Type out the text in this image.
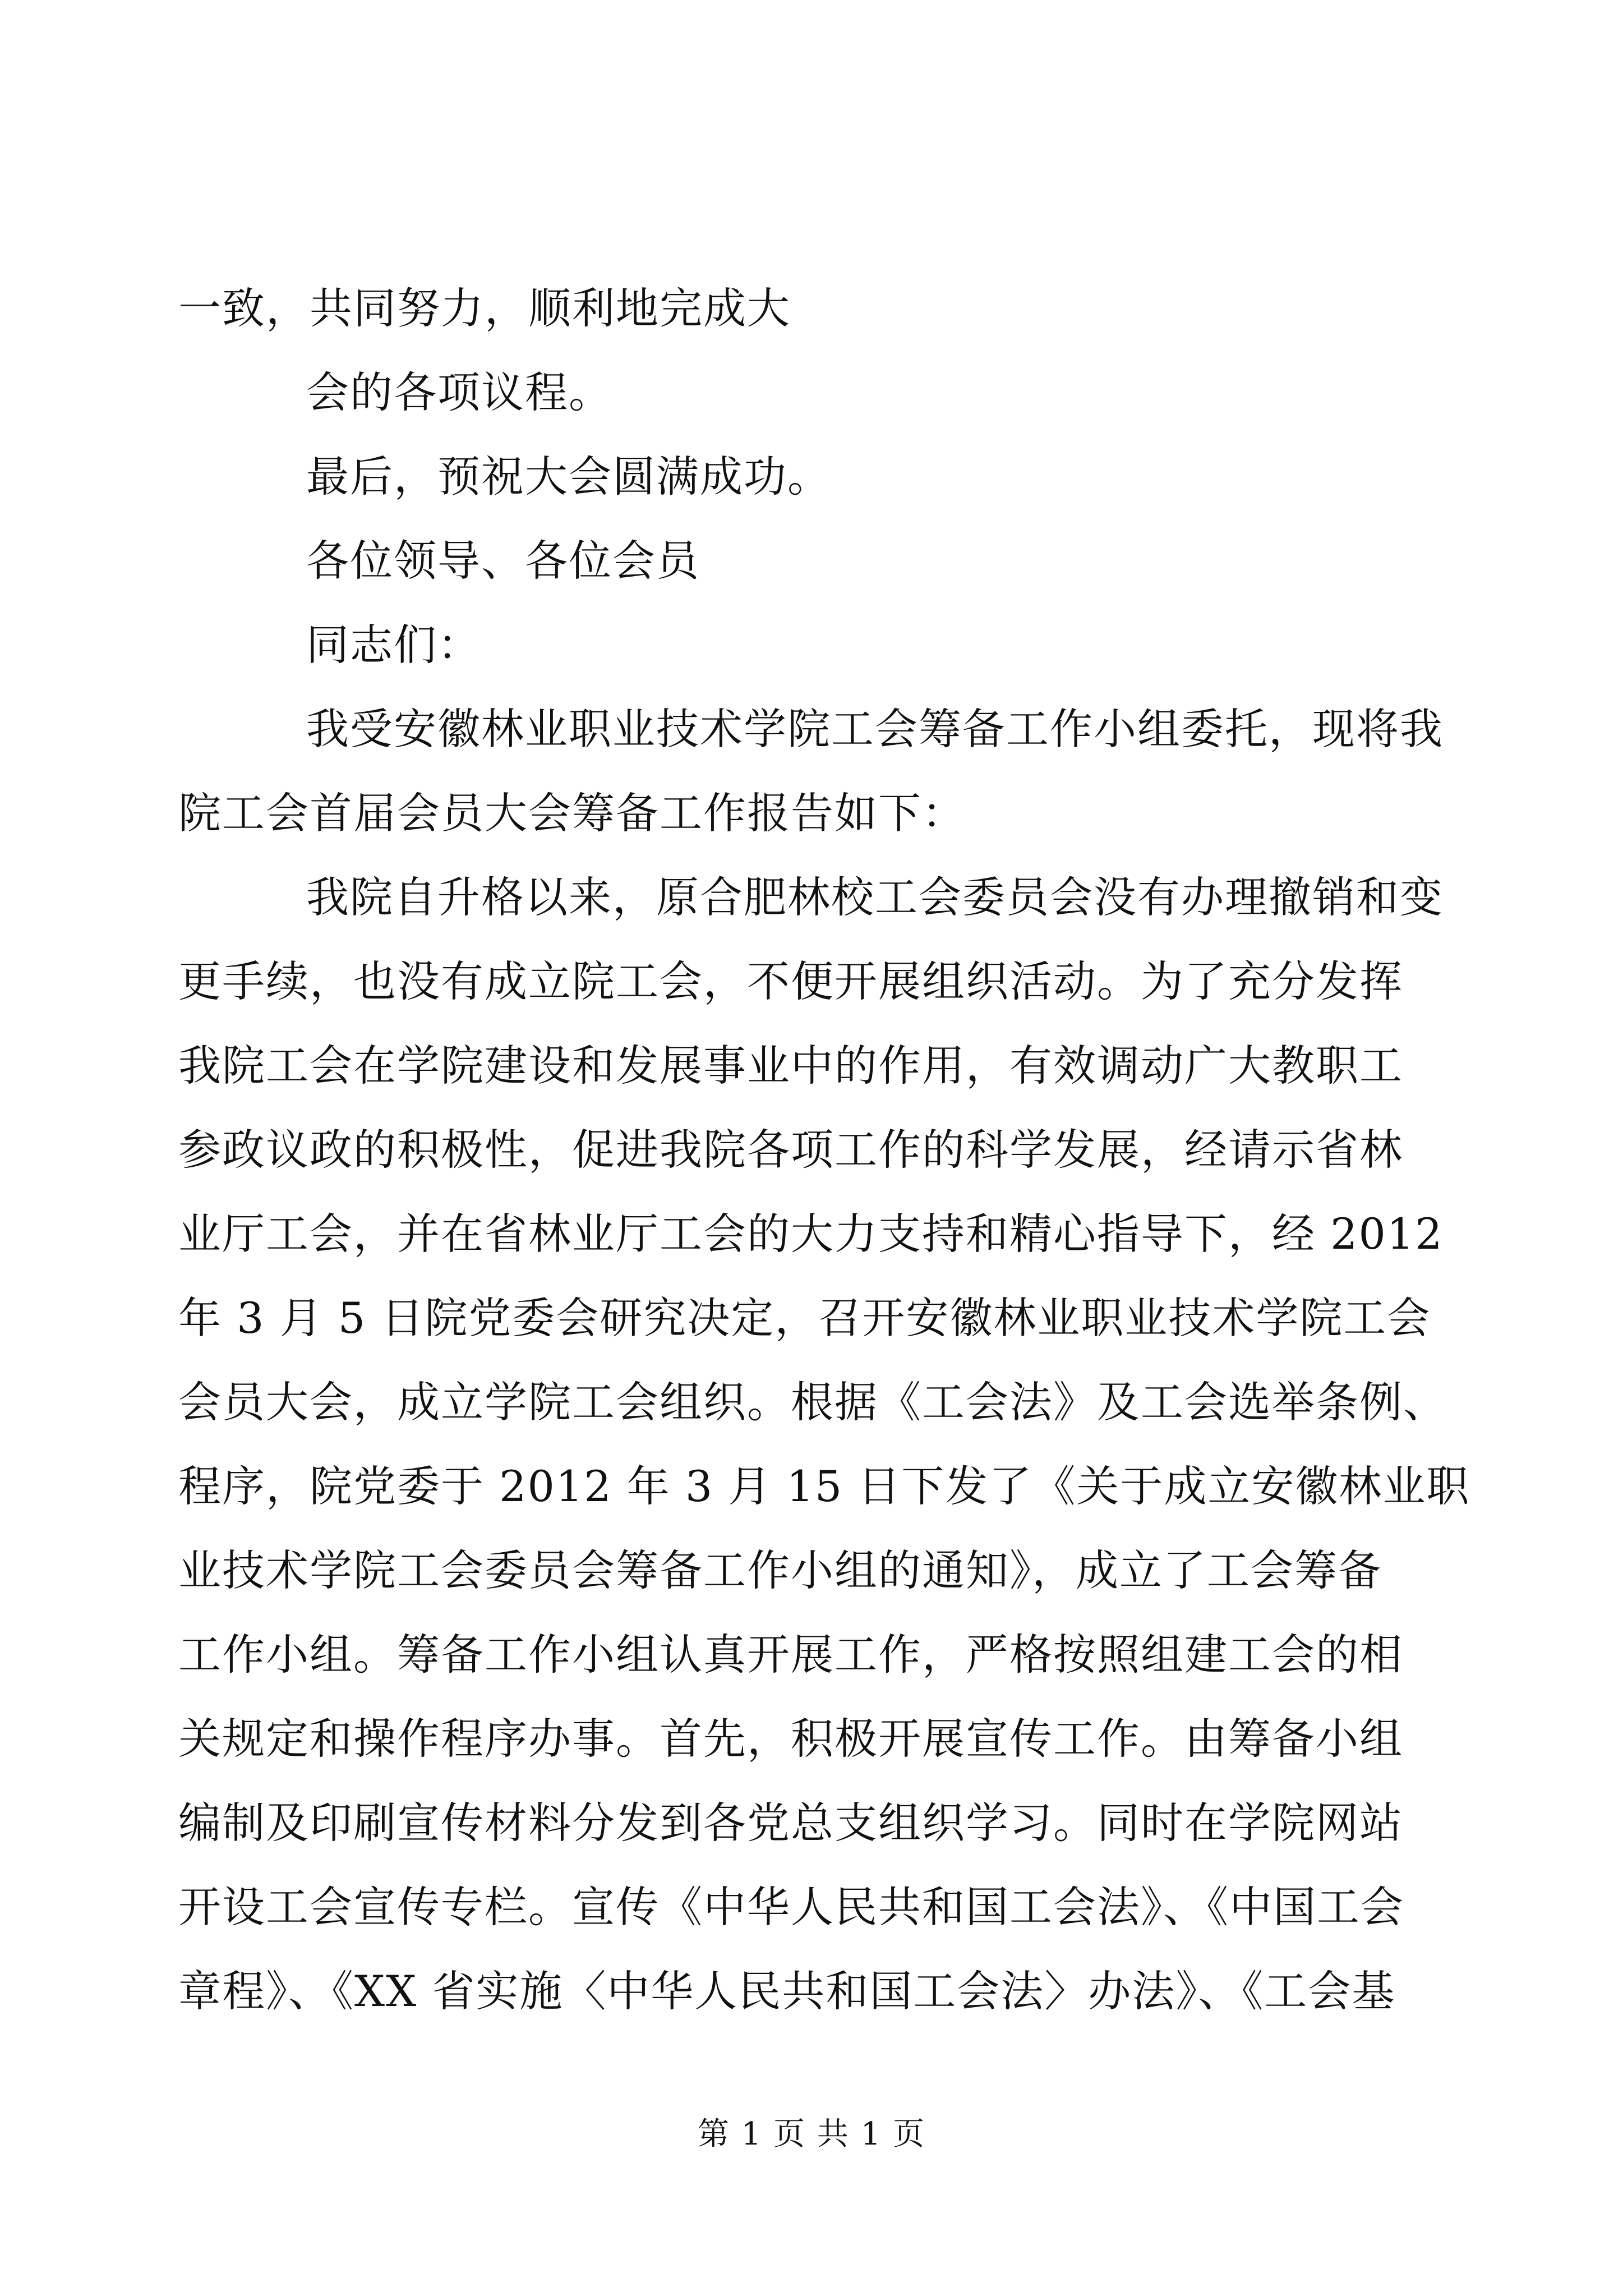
一致，共同努力，顺利地完成大
会的各项议程。
最后，预祝大会圆满成功。
各位领导、各位会员
同志们：
我受安徽林业职业技术学院工会筹备工作小组委托，现将我
院工会首届会员大会筹备工作报告如下：
我院自升格以来，原合肥林校工会委员会没有办理撤销和变
更手续，也没有成立院工会，不便开展组织活动。为了充分发挥
我院工会在学院建设和发展事业中的作用，有效调动广大教职工
参政议政的积极性，促进我院各项工作的科学发展，经请示省林
业厅工会，并在省林业厅工会的大力支持和精心指导下，经 2012
年 3 月 5 日院党委会研究决定，召开安徽林业职业技术学院工会
会员大会，成立学院工会组织。根据《工会法》及工会选举条例、
程序，院党委于 2012 年 3 月 15 日下发了《关于成立安徽林业职
业技术学院工会委员会筹备工作小组的通知》，成立了工会筹备
工作小组。筹备工作小组认真开展工作，严格按照组建工会的相
关规定和操作程序办事。首先，积极开展宣传工作。由筹备小组
编制及印刷宣传材料分发到各党总支组织学习。同时在学院网站
开设工会宣传专栏。宣传《中华人民共和国工会法》、《中国工会
章程》、《XX 省实施〈中华人民共和国工会法〉办法》、《工会基
第 1 页 共 1 页
